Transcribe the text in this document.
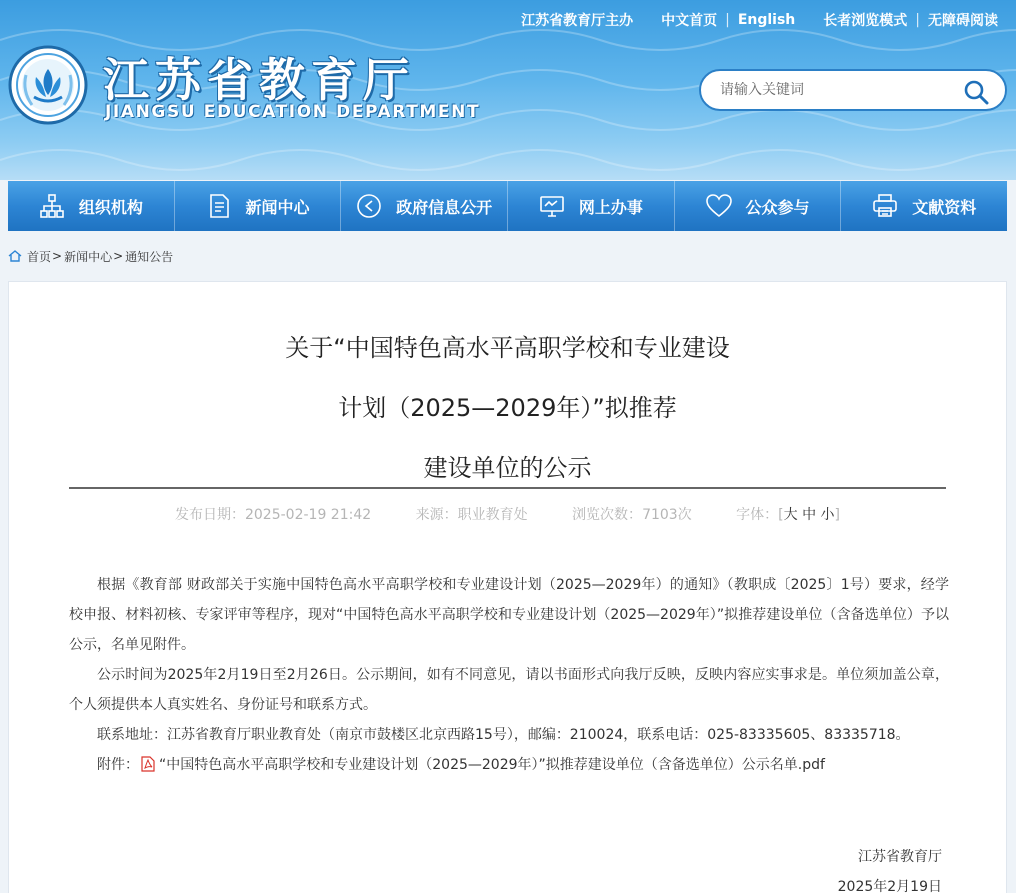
江苏省教育厅主办 中文首页 | English 长者浏览模式 | 无障碍阅读
江苏省教育厅
JIANGSU EDUCATION DEPARTMENT
请输入关键词
组织机构	新闻中心	政府信息公开	网上办事	公众参与	文献资料
首页 > 新闻中心 > 通知公告
关于“中国特色高水平高职学校和专业建设
计划（2025—2029年）”拟推荐
建设单位的公示
发布日期：2025-02-19 21:42	来源：职业教育处	浏览次数：7103次	字体：[大 中 小]

根据《教育部 财政部关于实施中国特色高水平高职学校和专业建设计划（2025—2029年）的通知》（教职成〔2025〕1号）要求，经学校申报、材料初核、专家评审等程序，现对“中国特色高水平高职学校和专业建设计划（2025—2029年）”拟推荐建设单位（含备选单位）予以公示，名单见附件。

公示时间为2025年2月19日至2月26日。公示期间，如有不同意见，请以书面形式向我厅反映，反映内容应实事求是。单位须加盖公章，个人须提供本人真实姓名、身份证号和联系方式。

联系地址：江苏省教育厅职业教育处（南京市鼓楼区北京西路15号），邮编：210024，联系电话：025-83335605、83335718。

附件： “中国特色高水平高职学校和专业建设计划（2025—2029年）”拟推荐建设单位（含备选单位）公示名单.pdf

江苏省教育厅
2025年2月19日
